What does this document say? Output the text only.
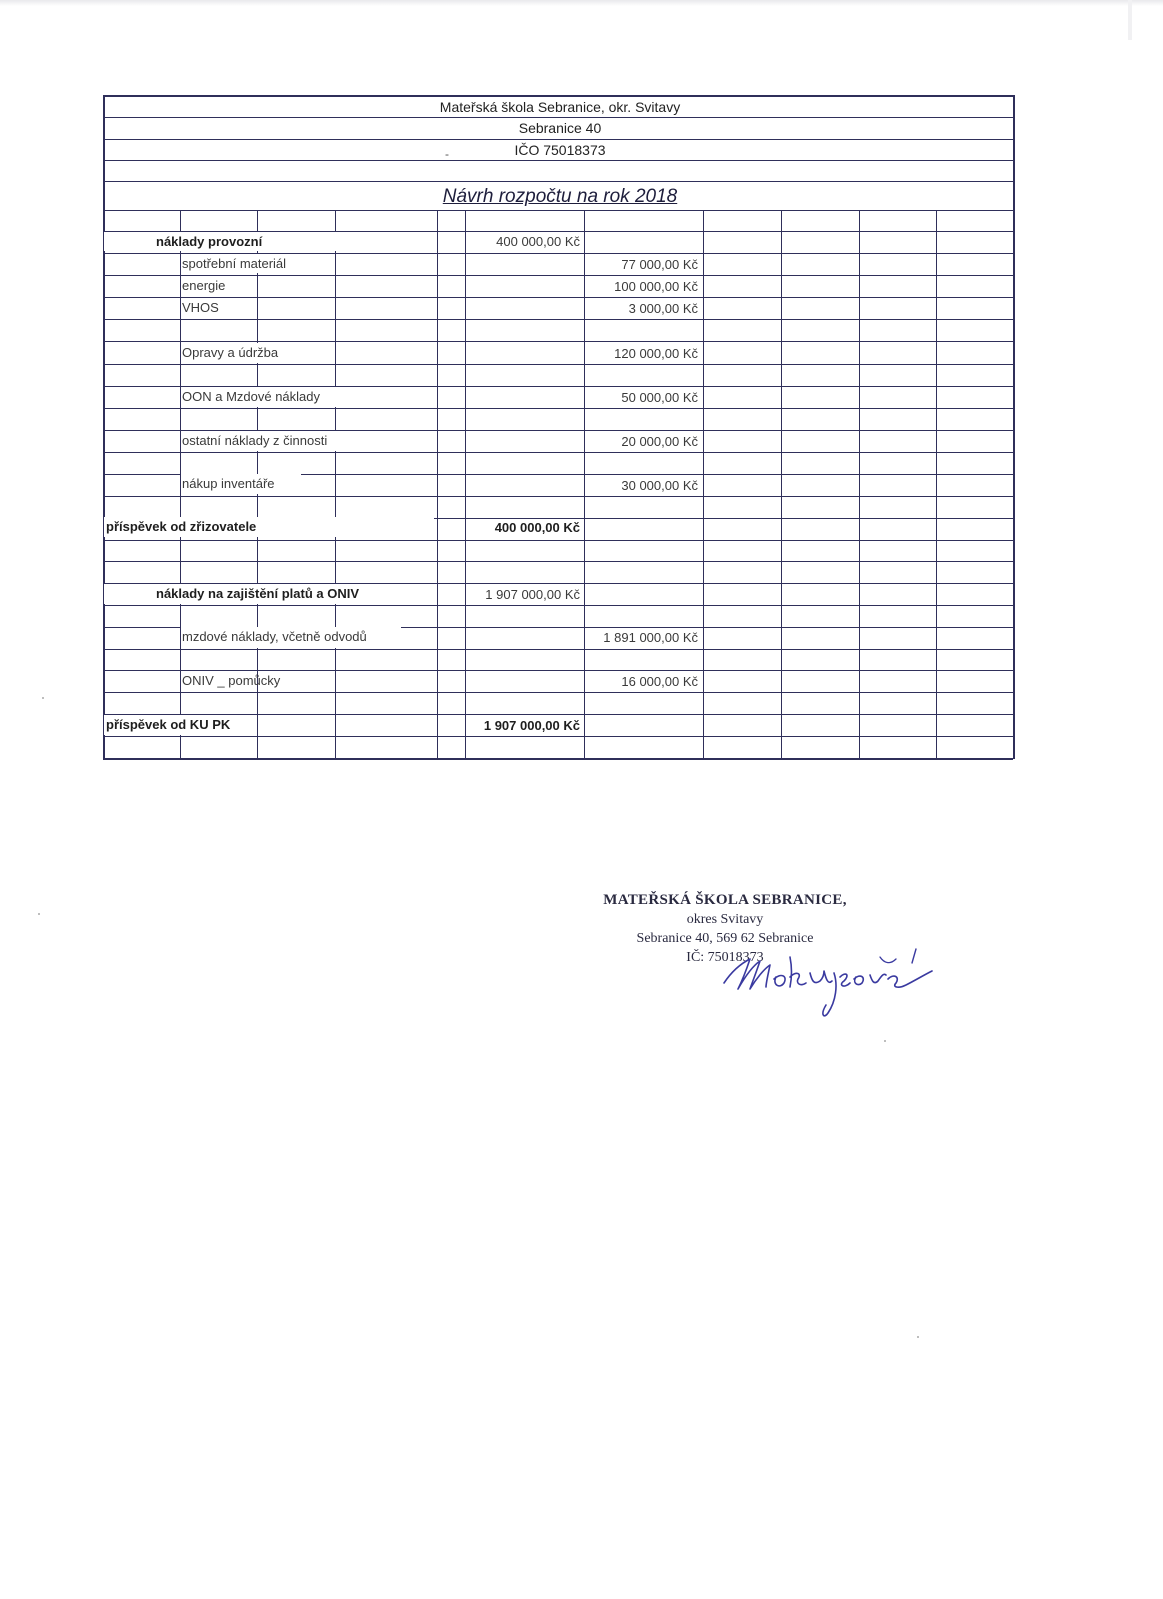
Mateřská škola Sebranice, okr. Svitavy
Sebranice 40
IČO 75018373
-
Návrh rozpočtu na rok 2018
náklady provozní	400 000,00 Kč
spotřební materiál	77 000,00 Kč
energie	100 000,00 Kč
VHOS	3 000,00 Kč
Opravy a údržba	120 000,00 Kč
OON a Mzdové náklady	50 000,00 Kč
ostatní náklady z činnosti	20 000,00 Kč
nákup inventáře	30 000,00 Kč
příspěvek od zřizovatele	400 000,00 Kč
náklady na zajištění platů a ONIV	1 907 000,00 Kč
mzdové náklady, včetně odvodů	1 891 000,00 Kč
ONIV _ pomůcky	16 000,00 Kč
příspěvek od KU PK	1 907 000,00 Kč
MATEŘSKÁ ŠKOLA SEBRANICE,
okres Svitavy
Sebranice 40, 569 62 Sebranice
IČ: 75018373
